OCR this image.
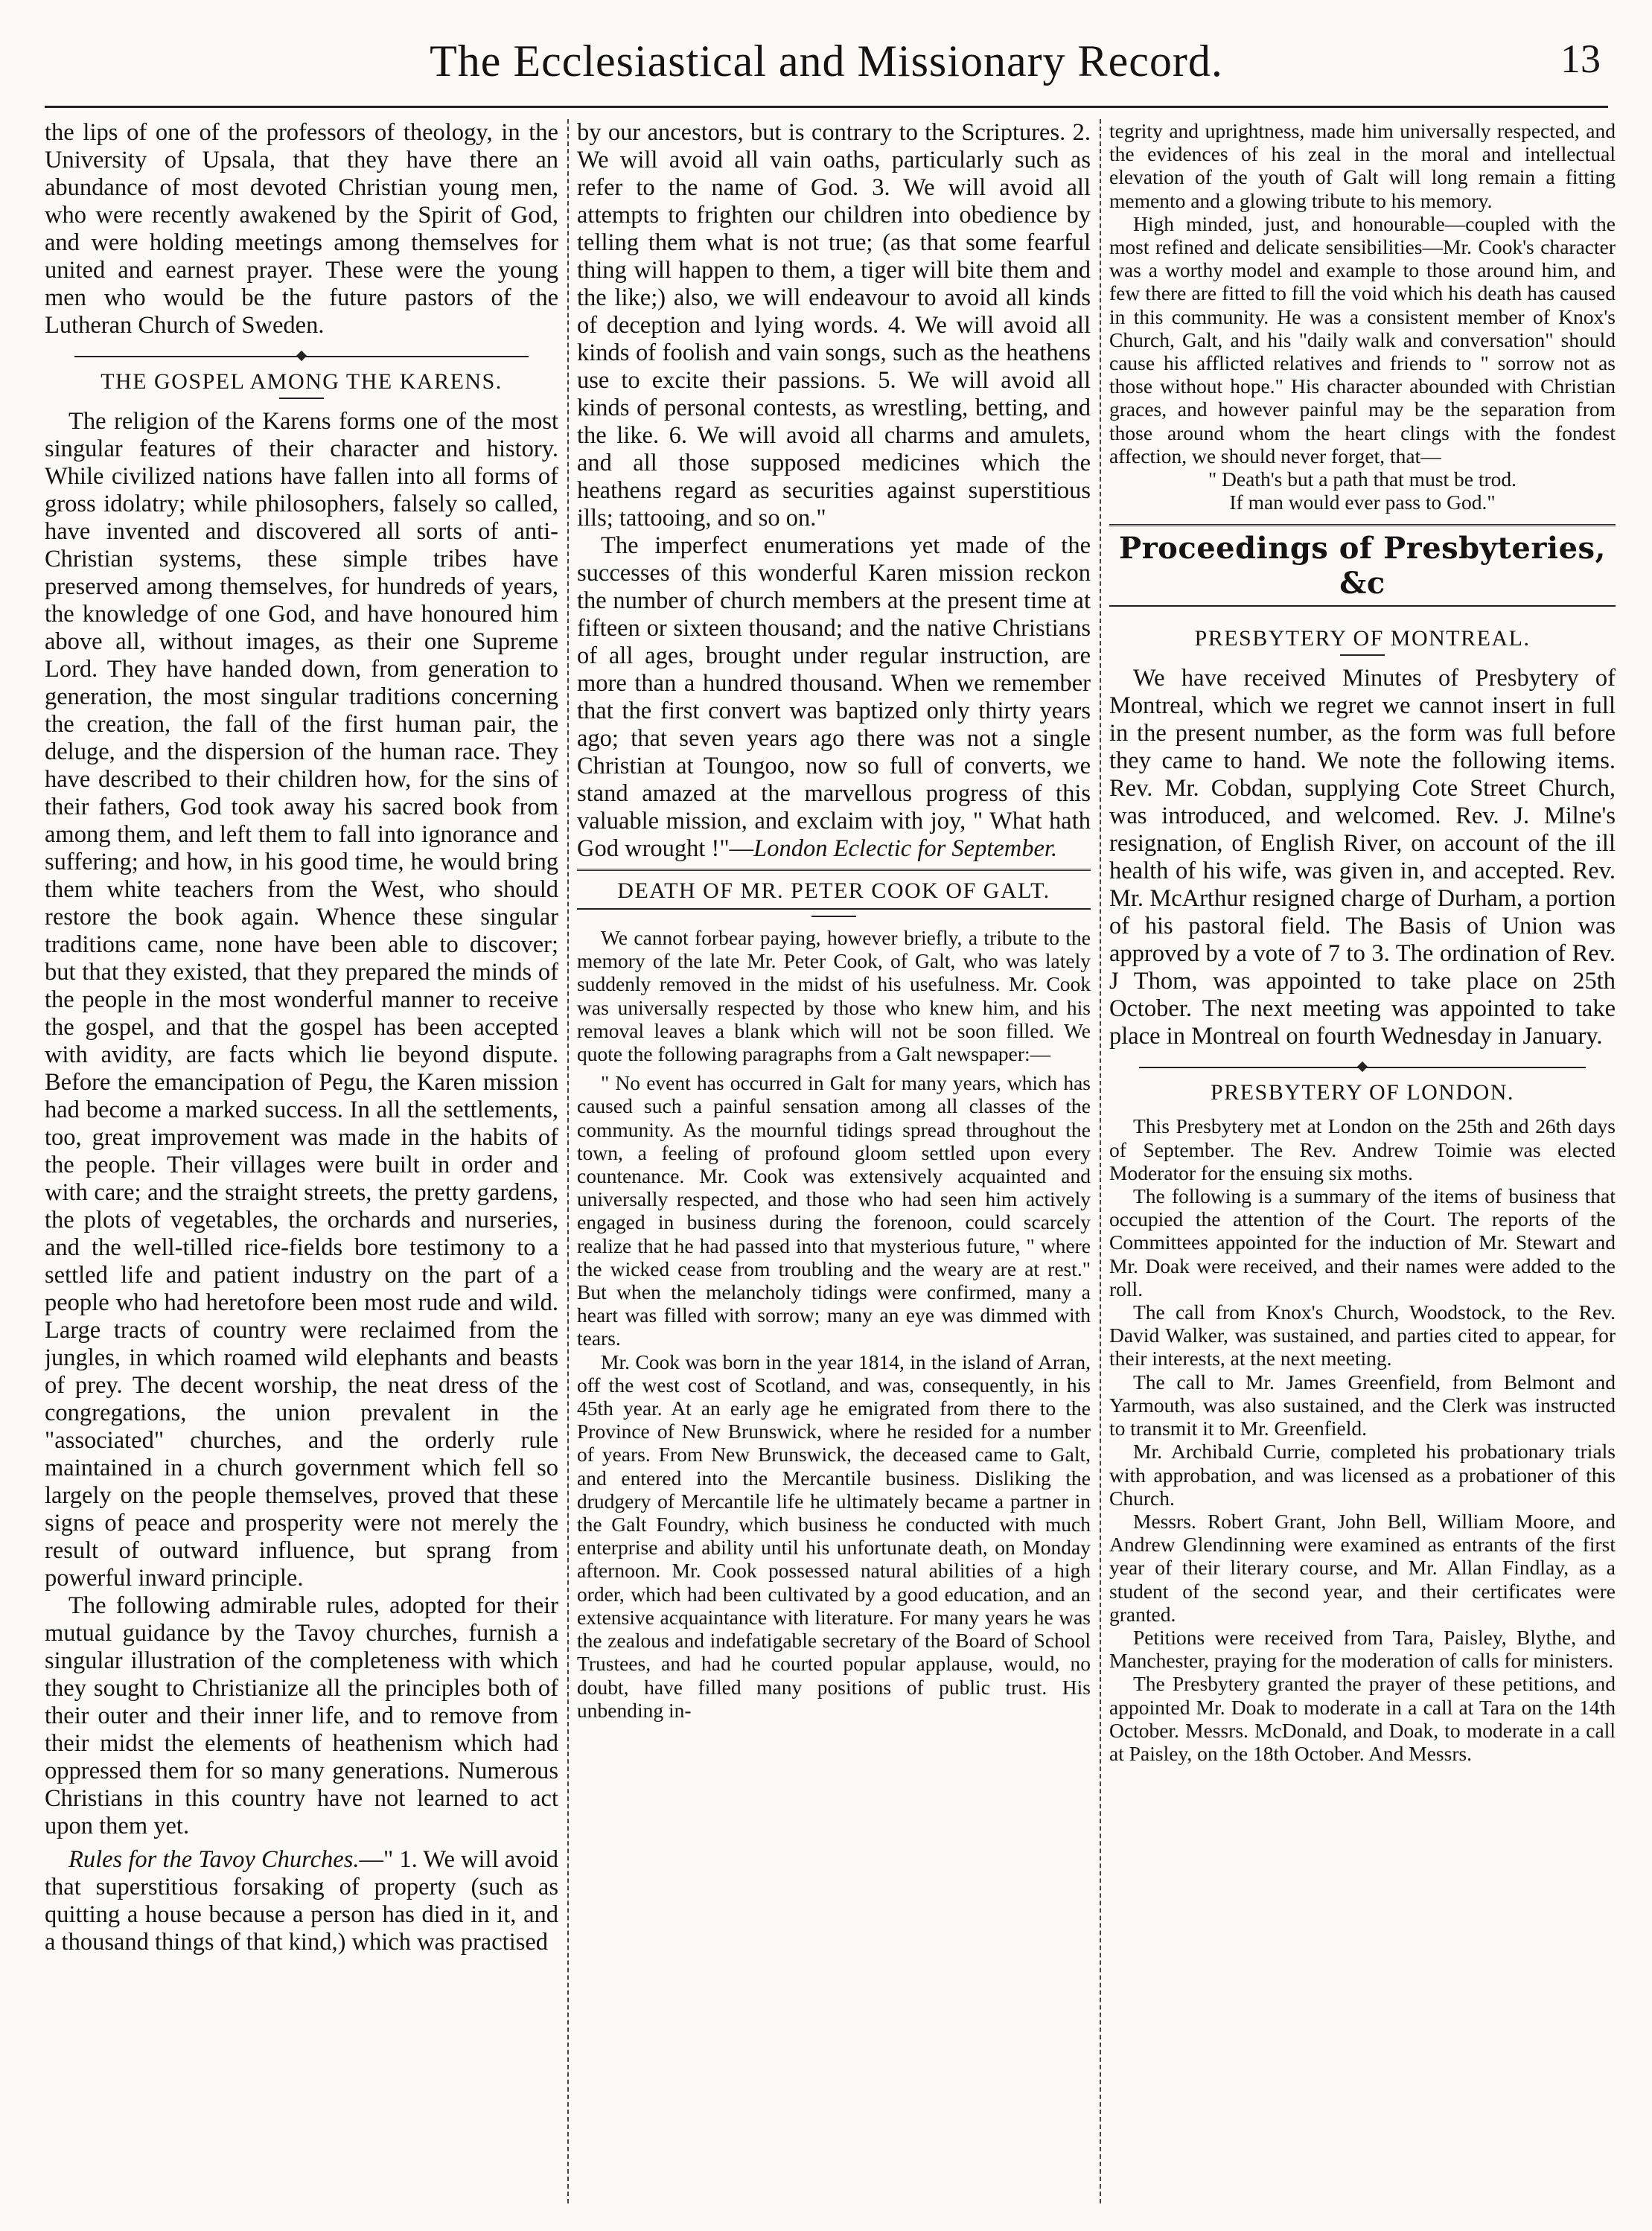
The Ecclesiastical and Missionary Record.	13

the lips of one of the professors of theology, in the University of Upsala, that they have there an abundance of most devoted Christian young men, who were recently awakened by the Spirit of God, and were holding meetings among themselves for united and earnest prayer. These were the young men who would be the future pastors of the Lutheran Church of Sweden.

THE GOSPEL AMONG THE KARENS.

The religion of the Karens forms one of the most singular features of their character and history. While civilized nations have fallen into all forms of gross idolatry; while philosophers, falsely so called, have invented and discovered all sorts of anti-Christian systems, these simple tribes have preserved among themselves, for hundreds of years, the knowledge of one God, and have honoured him above all, without images, as their one Supreme Lord. They have handed down, from generation to generation, the most singular traditions concerning the creation, the fall of the first human pair, the deluge, and the dispersion of the human race. They have described to their children how, for the sins of their fathers, God took away his sacred book from among them, and left them to fall into ignorance and suffering; and how, in his good time, he would bring them white teachers from the West, who should restore the book again. Whence these singular traditions came, none have been able to discover; but that they existed, that they prepared the minds of the people in the most wonderful manner to receive the gospel, and that the gospel has been accepted with avidity, are facts which lie beyond dispute. Before the emancipation of Pegu, the Karen mission had become a marked success. In all the settlements, too, great improvement was made in the habits of the people. Their villages were built in order and with care; and the straight streets, the pretty gardens, the plots of vegetables, the orchards and nurseries, and the well-tilled rice-fields bore testimony to a settled life and patient industry on the part of a people who had heretofore been most rude and wild. Large tracts of country were reclaimed from the jungles, in which roamed wild elephants and beasts of prey. The decent worship, the neat dress of the congregations, the union prevalent in the "associated" churches, and the orderly rule maintained in a church government which fell so largely on the people themselves, proved that these signs of peace and prosperity were not merely the result of outward influence, but sprang from powerful inward principle.

The following admirable rules, adopted for their mutual guidance by the Tavoy churches, furnish a singular illustration of the completeness with which they sought to Christianize all the principles both of their outer and their inner life, and to remove from their midst the elements of heathenism which had oppressed them for so many generations. Numerous Christians in this country have not learned to act upon them yet.

Rules for the Tavoy Churches.—" 1. We will avoid that superstitious forsaking of property (such as quitting a house because a person has died in it, and a thousand things of that kind,) which was practised

by our ancestors, but is contrary to the Scriptures. 2. We will avoid all vain oaths, particularly such as refer to the name of God. 3. We will avoid all attempts to frighten our children into obedience by telling them what is not true; (as that some fearful thing will happen to them, a tiger will bite them and the like;) also, we will endeavour to avoid all kinds of deception and lying words. 4. We will avoid all kinds of foolish and vain songs, such as the heathens use to excite their passions. 5. We will avoid all kinds of personal contests, as wrestling, betting, and the like. 6. We will avoid all charms and amulets, and all those supposed medicines which the heathens regard as securities against superstitious ills; tattooing, and so on."

The imperfect enumerations yet made of the successes of this wonderful Karen mission reckon the number of church members at the present time at fifteen or sixteen thousand; and the native Christians of all ages, brought under regular instruction, are more than a hundred thousand. When we remember that the first convert was baptized only thirty years ago; that seven years ago there was not a single Christian at Toungoo, now so full of converts, we stand amazed at the marvellous progress of this valuable mission, and exclaim with joy, " What hath God wrought !"—London Eclectic for September.

DEATH OF MR. PETER COOK OF GALT.

We cannot forbear paying, however briefly, a tribute to the memory of the late Mr. Peter Cook, of Galt, who was lately suddenly removed in the midst of his usefulness. Mr. Cook was universally respected by those who knew him, and his removal leaves a blank which will not be soon filled. We quote the following paragraphs from a Galt newspaper:—

" No event has occurred in Galt for many years, which has caused such a painful sensation among all classes of the community. As the mournful tidings spread throughout the town, a feeling of profound gloom settled upon every countenance. Mr. Cook was extensively acquainted and universally respected, and those who had seen him actively engaged in business during the forenoon, could scarcely realize that he had passed into that mysterious future, " where the wicked cease from troubling and the weary are at rest." But when the melancholy tidings were confirmed, many a heart was filled with sorrow; many an eye was dimmed with tears.

Mr. Cook was born in the year 1814, in the island of Arran, off the west cost of Scotland, and was, consequently, in his 45th year. At an early age he emigrated from there to the Province of New Brunswick, where he resided for a number of years. From New Brunswick, the deceased came to Galt, and entered into the Mercantile business. Disliking the drudgery of Mercantile life he ultimately became a partner in the Galt Foundry, which business he conducted with much enterprise and ability until his unfortunate death, on Monday afternoon. Mr. Cook possessed natural abilities of a high order, which had been cultivated by a good education, and an extensive acquaintance with literature. For many years he was the zealous and indefatigable secretary of the Board of School Trustees, and had he courted popular applause, would, no doubt, have filled many positions of public trust. His unbending in-

tegrity and uprightness, made him universally respected, and the evidences of his zeal in the moral and intellectual elevation of the youth of Galt will long remain a fitting memento and a glowing tribute to his memory.

High minded, just, and honourable—coupled with the most refined and delicate sensibilities—Mr. Cook's character was a worthy model and example to those around him, and few there are fitted to fill the void which his death has caused in this community. He was a consistent member of Knox's Church, Galt, and his "daily walk and conversation" should cause his afflicted relatives and friends to " sorrow not as those without hope." His character abounded with Christian graces, and however painful may be the separation from those around whom the heart clings with the fondest affection, we should never forget, that—

" Death's but a path that must be trod.
If man would ever pass to God."
Proceedings of Presbyteries, &c
PRESBYTERY OF MONTREAL.

We have received Minutes of Presbytery of Montreal, which we regret we cannot insert in full in the present number, as the form was full before they came to hand. We note the following items. Rev. Mr. Cobdan, supplying Cote Street Church, was introduced, and welcomed. Rev. J. Milne's resignation, of English River, on account of the ill health of his wife, was given in, and accepted. Rev. Mr. McArthur resigned charge of Durham, a portion of his pastoral field. The Basis of Union was approved by a vote of 7 to 3. The ordination of Rev. J Thom, was appointed to take place on 25th October. The next meeting was appointed to take place in Montreal on fourth Wednesday in January.

PRESBYTERY OF LONDON.

This Presbytery met at London on the 25th and 26th days of September. The Rev. Andrew Toimie was elected Moderator for the ensuing six moths.

The following is a summary of the items of business that occupied the attention of the Court. The reports of the Committees appointed for the induction of Mr. Stewart and Mr. Doak were received, and their names were added to the roll.

The call from Knox's Church, Woodstock, to the Rev. David Walker, was sustained, and parties cited to appear, for their interests, at the next meeting.

The call to Mr. James Greenfield, from Belmont and Yarmouth, was also sustained, and the Clerk was instructed to transmit it to Mr. Greenfield.

Mr. Archibald Currie, completed his probationary trials with approbation, and was licensed as a probationer of this Church.

Messrs. Robert Grant, John Bell, William Moore, and Andrew Glendinning were examined as entrants of the first year of their literary course, and Mr. Allan Findlay, as a student of the second year, and their certificates were granted.

Petitions were received from Tara, Paisley, Blythe, and Manchester, praying for the moderation of calls for ministers.

The Presbytery granted the prayer of these petitions, and appointed Mr. Doak to moderate in a call at Tara on the 14th October. Messrs. McDonald, and Doak, to moderate in a call at Paisley, on the 18th October. And Messrs.
